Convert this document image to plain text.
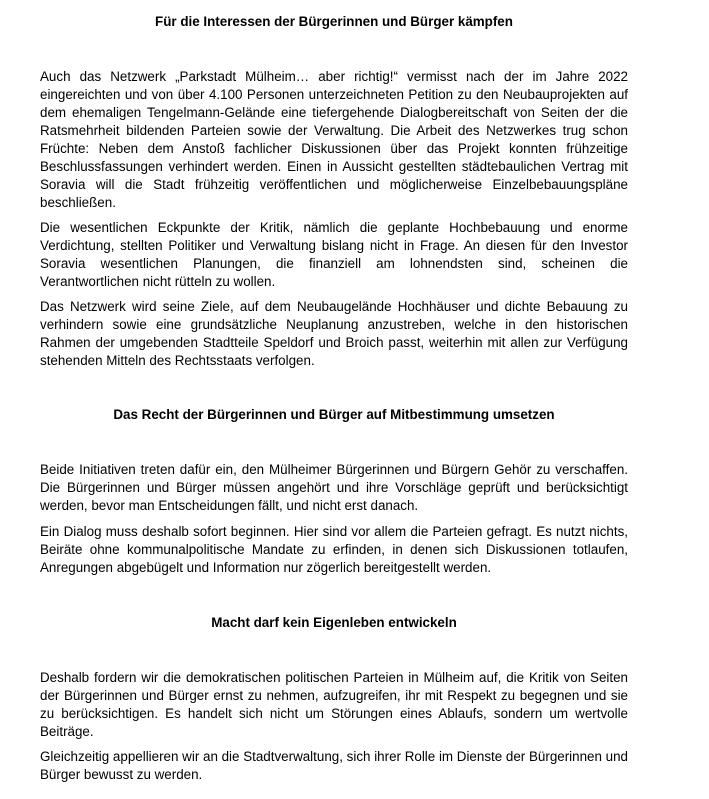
Für die Interessen der Bürgerinnen und Bürger kämpfen

Auch das Netzwerk „Parkstadt Mülheim… aber richtig!“ vermisst nach der im Jahre 2022 eingereichten und von über 4.100 Personen unterzeichneten Petition zu den Neubauprojekten auf dem ehemaligen Tengelmann-Gelände eine tiefergehende Dialogbereitschaft von Seiten der die Ratsmehrheit bildenden Parteien sowie der Verwaltung. Die Arbeit des Netzwerkes trug schon Früchte: Neben dem Anstoß fachlicher Diskussionen über das Projekt konnten frühzeitige Beschlussfassungen verhindert werden. Einen in Aussicht gestellten städtebaulichen Vertrag mit Soravia will die Stadt frühzeitig veröffentlichen und möglicherweise Einzelbebauungspläne beschließen.

Die wesentlichen Eckpunkte der Kritik, nämlich die geplante Hochbebauung und enorme Verdichtung, stellten Politiker und Verwaltung bislang nicht in Frage. An diesen für den Investor Soravia wesentlichen Planungen, die finanziell am lohnendsten sind, scheinen die Verantwortlichen nicht rütteln zu wollen.

Das Netzwerk wird seine Ziele, auf dem Neubaugelände Hochhäuser und dichte Bebauung zu verhindern sowie eine grundsätzliche Neuplanung anzustreben, welche in den historischen Rahmen der umgebenden Stadtteile Speldorf und Broich passt, weiterhin mit allen zur Verfügung stehenden Mitteln des Rechtsstaats verfolgen.

Das Recht der Bürgerinnen und Bürger auf Mitbestimmung umsetzen

Beide Initiativen treten dafür ein, den Mülheimer Bürgerinnen und Bürgern Gehör zu verschaffen. Die Bürgerinnen und Bürger müssen angehört und ihre Vorschläge geprüft und berücksichtigt werden, bevor man Entscheidungen fällt, und nicht erst danach.

Ein Dialog muss deshalb sofort beginnen. Hier sind vor allem die Parteien gefragt. Es nutzt nichts, Beiräte ohne kommunalpolitische Mandate zu erfinden, in denen sich Diskussionen totlaufen, Anregungen abgebügelt und Information nur zögerlich bereitgestellt werden.

Macht darf kein Eigenleben entwickeln

Deshalb fordern wir die demokratischen politischen Parteien in Mülheim auf, die Kritik von Seiten der Bürgerinnen und Bürger ernst zu nehmen, aufzugreifen, ihr mit Respekt zu begegnen und sie zu berücksichtigen. Es handelt sich nicht um Störungen eines Ablaufs, sondern um wertvolle Beiträge.

Gleichzeitig appellieren wir an die Stadtverwaltung, sich ihrer Rolle im Dienste der Bürgerinnen und Bürger bewusst zu werden.
